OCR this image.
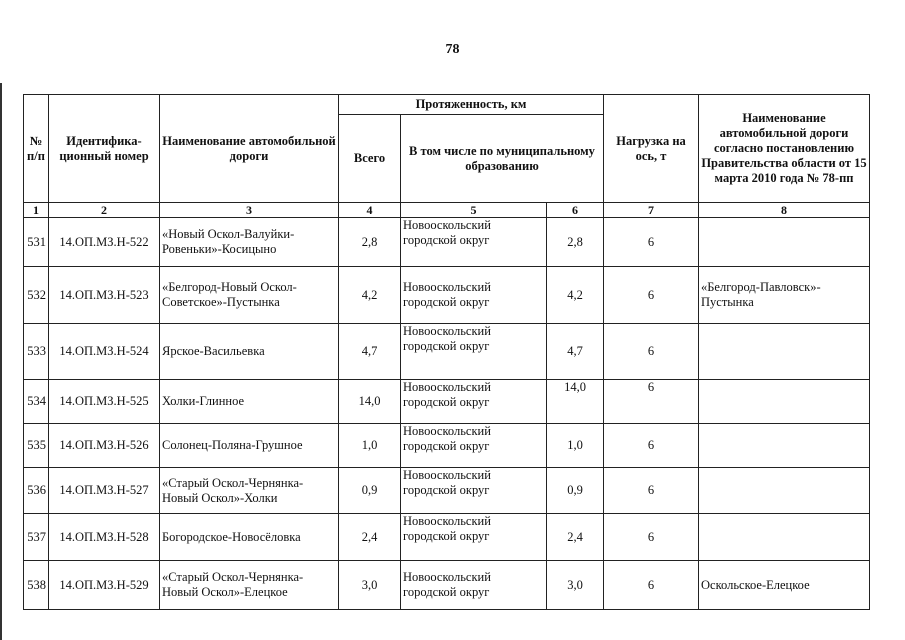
78
№ п/п	Идентифика-ционный номер	Наименование автомобильной дороги	Протяженность, км			Нагрузка на ось, т	Наименование автомобильной дороги согласно постановлению Правительства области от 15 марта 2010 года № 78-пп
			Всего	В том числе по муниципальному образованию			
1	2	3	4	5	6	7	8
531	14.ОП.МЗ.Н-522	«Новый Оскол-Валуйки-Ровеньки»-Косицыно	2,8	Новооскольский городской округ	2,8	6	
532	14.ОП.МЗ.Н-523	«Белгород-Новый Оскол-Советское»-Пустынка	4,2	Новооскольский городской округ	4,2	6	«Белгород-Павловск»-Пустынка
533	14.ОП.МЗ.Н-524	Ярское-Васильевка	4,7	Новооскольский городской округ	4,7	6	
534	14.ОП.МЗ.Н-525	Холки-Глинное	14,0	Новооскольский городской округ	14,0	6	
535	14.ОП.МЗ.Н-526	Солонец-Поляна-Грушное	1,0	Новооскольский городской округ	1,0	6	
536	14.ОП.МЗ.Н-527	«Старый Оскол-Чернянка-Новый Оскол»-Холки	0,9	Новооскольский городской округ	0,9	6	
537	14.ОП.МЗ.Н-528	Богородское-Новосёловка	2,4	Новооскольский городской округ	2,4	6	
538	14.ОП.МЗ.Н-529	«Старый Оскол-Чернянка-Новый Оскол»-Елецкое	3,0	Новооскольский городской округ	3,0	6	Оскольское-Елецкое
